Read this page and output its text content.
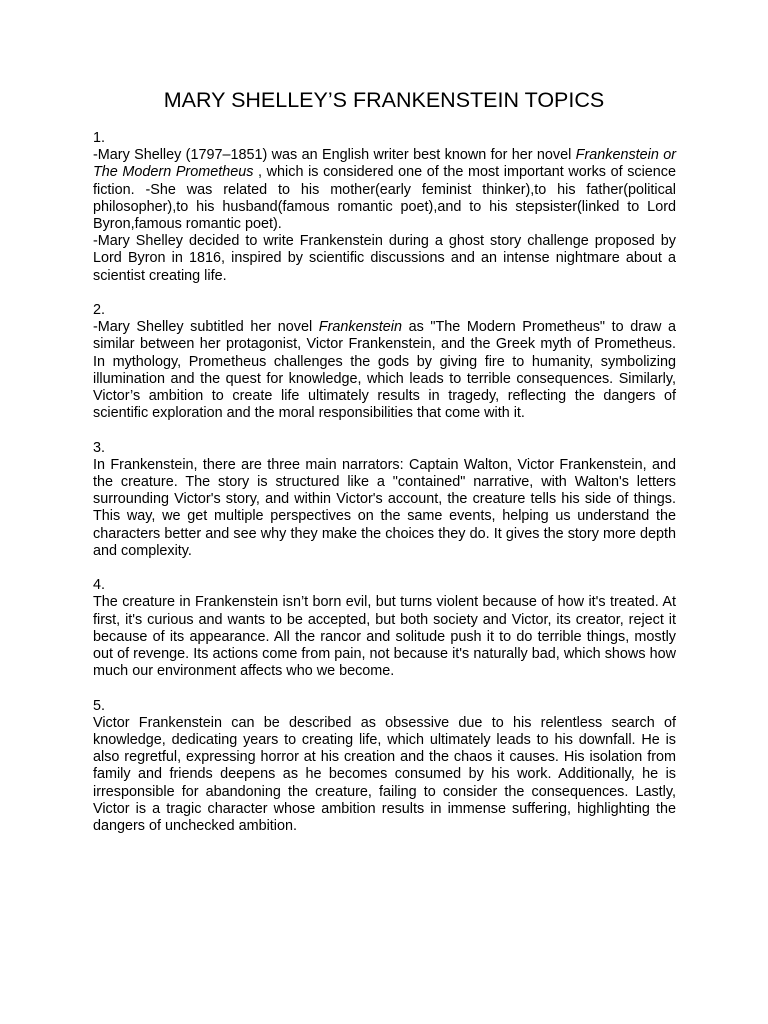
MARY SHELLEY’S FRANKENSTEIN TOPICS
1.
-Mary Shelley (1797–1851) was an English writer best known for her novel Frankenstein or The Modern Prometheus , which is considered one of the most important works of science fiction. -She was related to his mother(early feminist thinker),to his father(political philosopher),to his husband(famous romantic poet),and to his stepsister(linked to Lord Byron,famous romantic poet).
-Mary Shelley decided to write Frankenstein during a ghost story challenge proposed by Lord Byron in 1816, inspired by scientific discussions and an intense nightmare about a scientist creating life.
2.
-Mary Shelley subtitled her novel Frankenstein as "The Modern Prometheus" to draw a similar between her protagonist, Victor Frankenstein, and the Greek myth of Prometheus. In mythology, Prometheus challenges the gods by giving fire to humanity, symbolizing illumination and the quest for knowledge, which leads to terrible consequences. Similarly, Victor’s ambition to create life ultimately results in tragedy, reflecting the dangers of scientific exploration and the moral responsibilities that come with it.
3.
In Frankenstein, there are three main narrators: Captain Walton, Victor Frankenstein, and the creature. The story is structured like a "contained" narrative, with Walton's letters surrounding Victor's story, and within Victor's account, the creature tells his side of things. This way, we get multiple perspectives on the same events, helping us understand the characters better and see why they make the choices they do. It gives the story more depth and complexity.
4.
The creature in Frankenstein isn’t born evil, but turns violent because of how it's treated. At first, it's curious and wants to be accepted, but both society and Victor, its creator, reject it because of its appearance. All the rancor and solitude push it to do terrible things, mostly out of revenge. Its actions come from pain, not because it's naturally bad, which shows how much our environment affects who we become.
5.
Victor Frankenstein can be described as obsessive due to his relentless search of knowledge, dedicating years to creating life, which ultimately leads to his downfall. He is also regretful, expressing horror at his creation and the chaos it causes. His isolation from family and friends deepens as he becomes consumed by his work. Additionally, he is irresponsible for abandoning the creature, failing to consider the consequences. Lastly, Victor is a tragic character whose ambition results in immense suffering, highlighting the dangers of unchecked ambition.
